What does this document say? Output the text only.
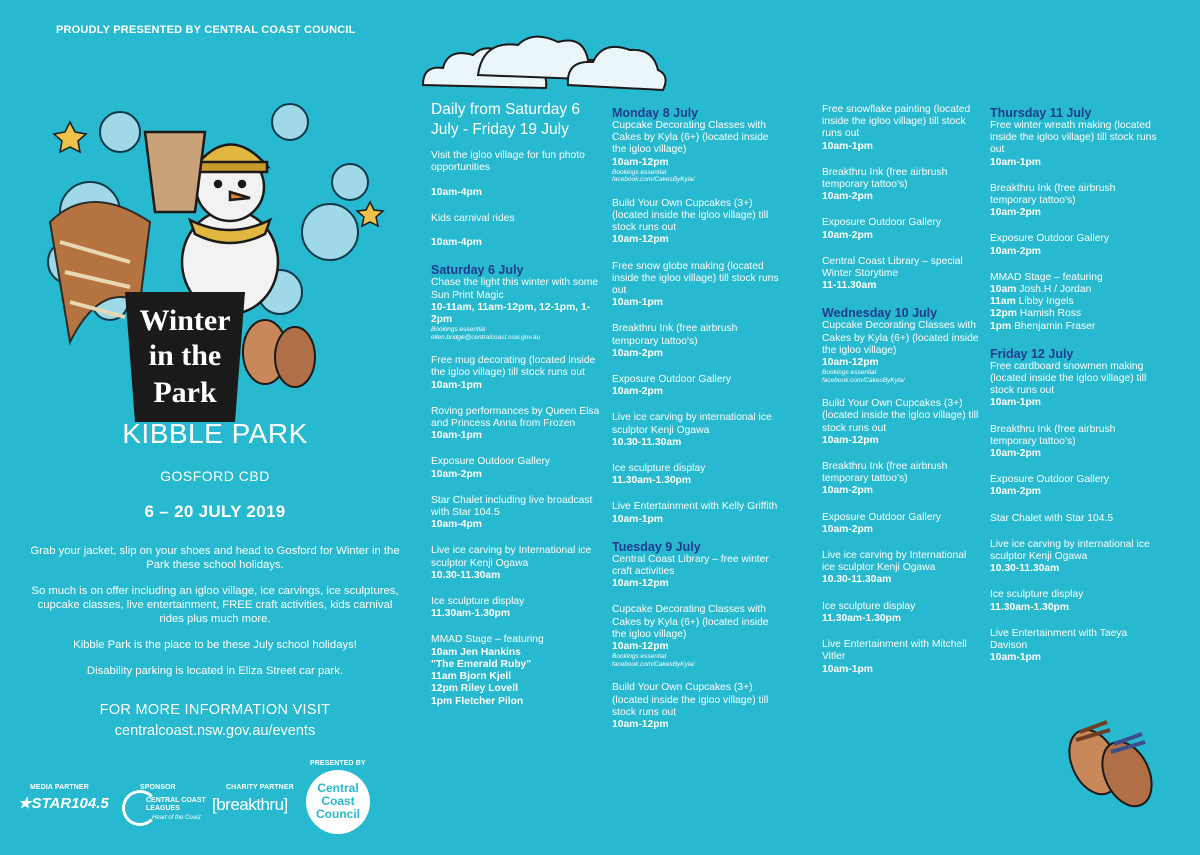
PROUDLY PRESENTED BY CENTRAL COAST COUNCIL
Winter
in the
Park
KIBBLE PARK
GOSFORD CBD
6 – 20 JULY 2019
Grab your jacket, slip on your shoes and head to Gosford for Winter in the Park these school holidays.
So much is on offer including an igloo village, ice carvings, ice sculptures, cupcake classes, live entertainment, FREE craft activities, kids carnival rides plus much more.
Kibble Park is the place to be these July school holidays!
Disability parking is located in Eliza Street car park.
FOR MORE INFORMATION VISIT
centralcoast.nsw.gov.au/events
MEDIA PARTNER
★STAR104.5
SPONSOR
CENTRAL COAST LEAGUES
Heart of the Coast
CHARITY PARTNER
[breakthru]
PRESENTED BY
Central
Coast
Council
Daily from Saturday 6 July - Friday 19 July
Visit the igloo village for fun photo opportunities

10am-4pm
Kids carnival rides

10am-4pm
Saturday 6 July
Chase the light this winter with some Sun Print Magic
10-11am, 11am-12pm, 12-1pm, 1-2pm
Bookings essential
ellen.bridge@centralcoast.nsw.gov.au
Free mug decorating (located inside the igloo village) till stock runs out
10am-1pm
Roving performances by Queen Elsa and Princess Anna from Frozen
10am-1pm
Exposure Outdoor Gallery
10am-2pm
Star Chalet including live broadcast with Star 104.5
10am-4pm
Live ice carving by International ice sculptor Kenji Ogawa
10.30-11.30am
Ice sculpture display
11.30am-1.30pm
MMAD Stage – featuring
10am Jen Hankins
"The Emerald Ruby"
11am Bjorn Kjell
12pm Riley Lovell
1pm Fletcher Pilon
Monday 8 July
Cupcake Decorating Classes with Cakes by Kyla (6+) (located inside the igloo village)
10am-12pm
Bookings essential
facebook.com/CakesByKyla/
Build Your Own Cupcakes (3+) (located inside the igloo village) till stock runs out
10am-12pm
Free snow globe making (located inside the igloo village) till stock runs out
10am-1pm
Breakthru Ink (free airbrush temporary tattoo's)
10am-2pm
Exposure Outdoor Gallery
10am-2pm
Live ice carving by international ice sculptor Kenji Ogawa
10.30-11.30am
Ice sculpture display
11.30am-1.30pm
Live Entertainment with Kelly Griffith
10am-1pm
Tuesday 9 July
Central Coast Library – free winter craft activities
10am-12pm
Cupcake Decorating Classes with Cakes by Kyla (6+) (located inside the igloo village)
10am-12pm
Bookings essential
facebook.com/CakesByKyla/
Build Your Own Cupcakes (3+) (located inside the igloo village) till stock runs out
10am-12pm
Free snowflake painting (located inside the igloo village) till stock runs out
10am-1pm
Breakthru Ink (free airbrush temporary tattoo's)
10am-2pm
Exposure Outdoor Gallery
10am-2pm
Central Coast Library – special Winter Storytime
11-11.30am
Wednesday 10 July
Cupcake Decorating Classes with Cakes by Kyla (6+) (located inside the igloo village)
10am-12pm
Bookings essential
facebook.com/CakesByKyla/
Build Your Own Cupcakes (3+) (located inside the igloo village) till stock runs out
10am-12pm
Breakthru Ink (free airbrush temporary tattoo's)
10am-2pm
Exposure Outdoor Gallery
10am-2pm
Live ice carving by International ice sculptor Kenji Ogawa
10.30-11.30am
Ice sculpture display
11.30am-1.30pm
Live Entertainment with Mitchell Vitler
10am-1pm
Thursday 11 July
Free winter wreath making (located inside the igloo village) till stock runs out
10am-1pm
Breakthru Ink (free airbrush temporary tattoo's)
10am-2pm
Exposure Outdoor Gallery
10am-2pm
MMAD Stage – featuring
10am Josh.H / Jordan
11am Libby Ingels
12pm Hamish Ross
1pm Bhenjamin Fraser
Friday 12 July
Free cardboard snowmen making (located inside the igloo village) till stock runs out
10am-1pm
Breakthru Ink (free airbrush temporary tattoo's)
10am-2pm
Exposure Outdoor Gallery
10am-2pm
Star Chalet with Star 104.5
Live ice carving by international ice sculptor Kenji Ogawa
10.30-11.30am
Ice sculpture display
11.30am-1.30pm
Live Entertainment with Taeya Davison
10am-1pm
